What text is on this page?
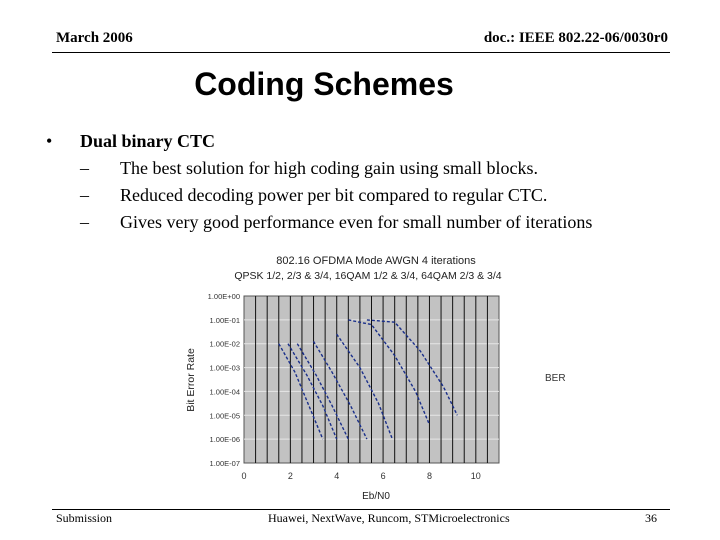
March 2006	doc.: IEEE 802.22-06/0030r0
Coding Schemes
•	Dual binary CTC
–	The best solution for high coding gain using small blocks.
–	Reduced decoding power per bit compared to regular CTC.
–	Gives very good performance even for small number of iterations
802.16 OFDMA Mode AWGN 4 iterations
QPSK 1/2, 2/3 & 3/4, 16QAM 1/2 & 3/4, 64QAM 2/3 & 3/4
1.00E+00
1.00E-01
1.00E-02
1.00E-03
1.00E-04
1.00E-05
1.00E-06
1.00E-07
0	2	4	6	8	10
Bit Error Rate
Eb/N0
BER
Submission	Huawei, NextWave, Runcom, STMicroelectronics	36
